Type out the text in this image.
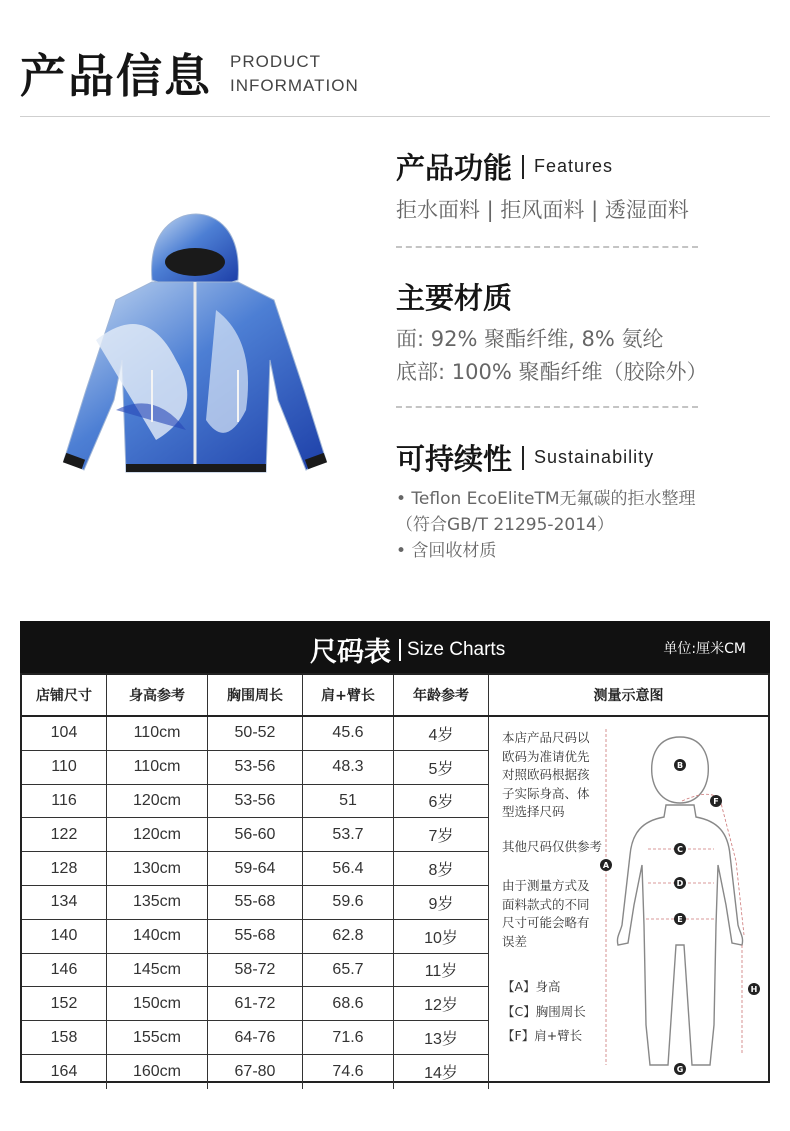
产品信息 PRODUCT
INFORMATION
产品功能 Features
拒水面料 | 拒风面料 | 透湿面料
主要材质
面: 92% 聚酯纤维, 8% 氨纶
底部: 100% 聚酯纤维（胶除外）
可持续性 Sustainability
• Teflon EcoEliteTM无氟碳的拒水整理
（符合GB/T 21295-2014）
• 含回收材质
尺码表 Size Charts	单位:厘米CM
店铺尺寸	身高参考	胸围周长	肩+臂长	年龄参考	测量示意图
104	110cm	50-52	45.6	4岁
110	110cm	53-56	48.3	5岁
116	120cm	53-56	51	6岁
122	120cm	56-60	53.7	7岁
128	130cm	59-64	56.4	8岁
134	135cm	55-68	59.6	9岁
140	140cm	55-68	62.8	10岁
146	145cm	58-72	65.7	11岁
152	150cm	61-72	68.6	12岁
158	155cm	64-76	71.6	13岁
164	160cm	67-80	74.6	14岁
本店产品尺码以
欧码为准请优先
对照欧码根据孩
子实际身高、体
型选择尺码
其他尺码仅供参考
由于测量方式及
面料款式的不同
尺寸可能会略有
误差
【A】身高
【C】胸围周长
【F】肩+臂长
A
B
C
D
E
F
G
H
